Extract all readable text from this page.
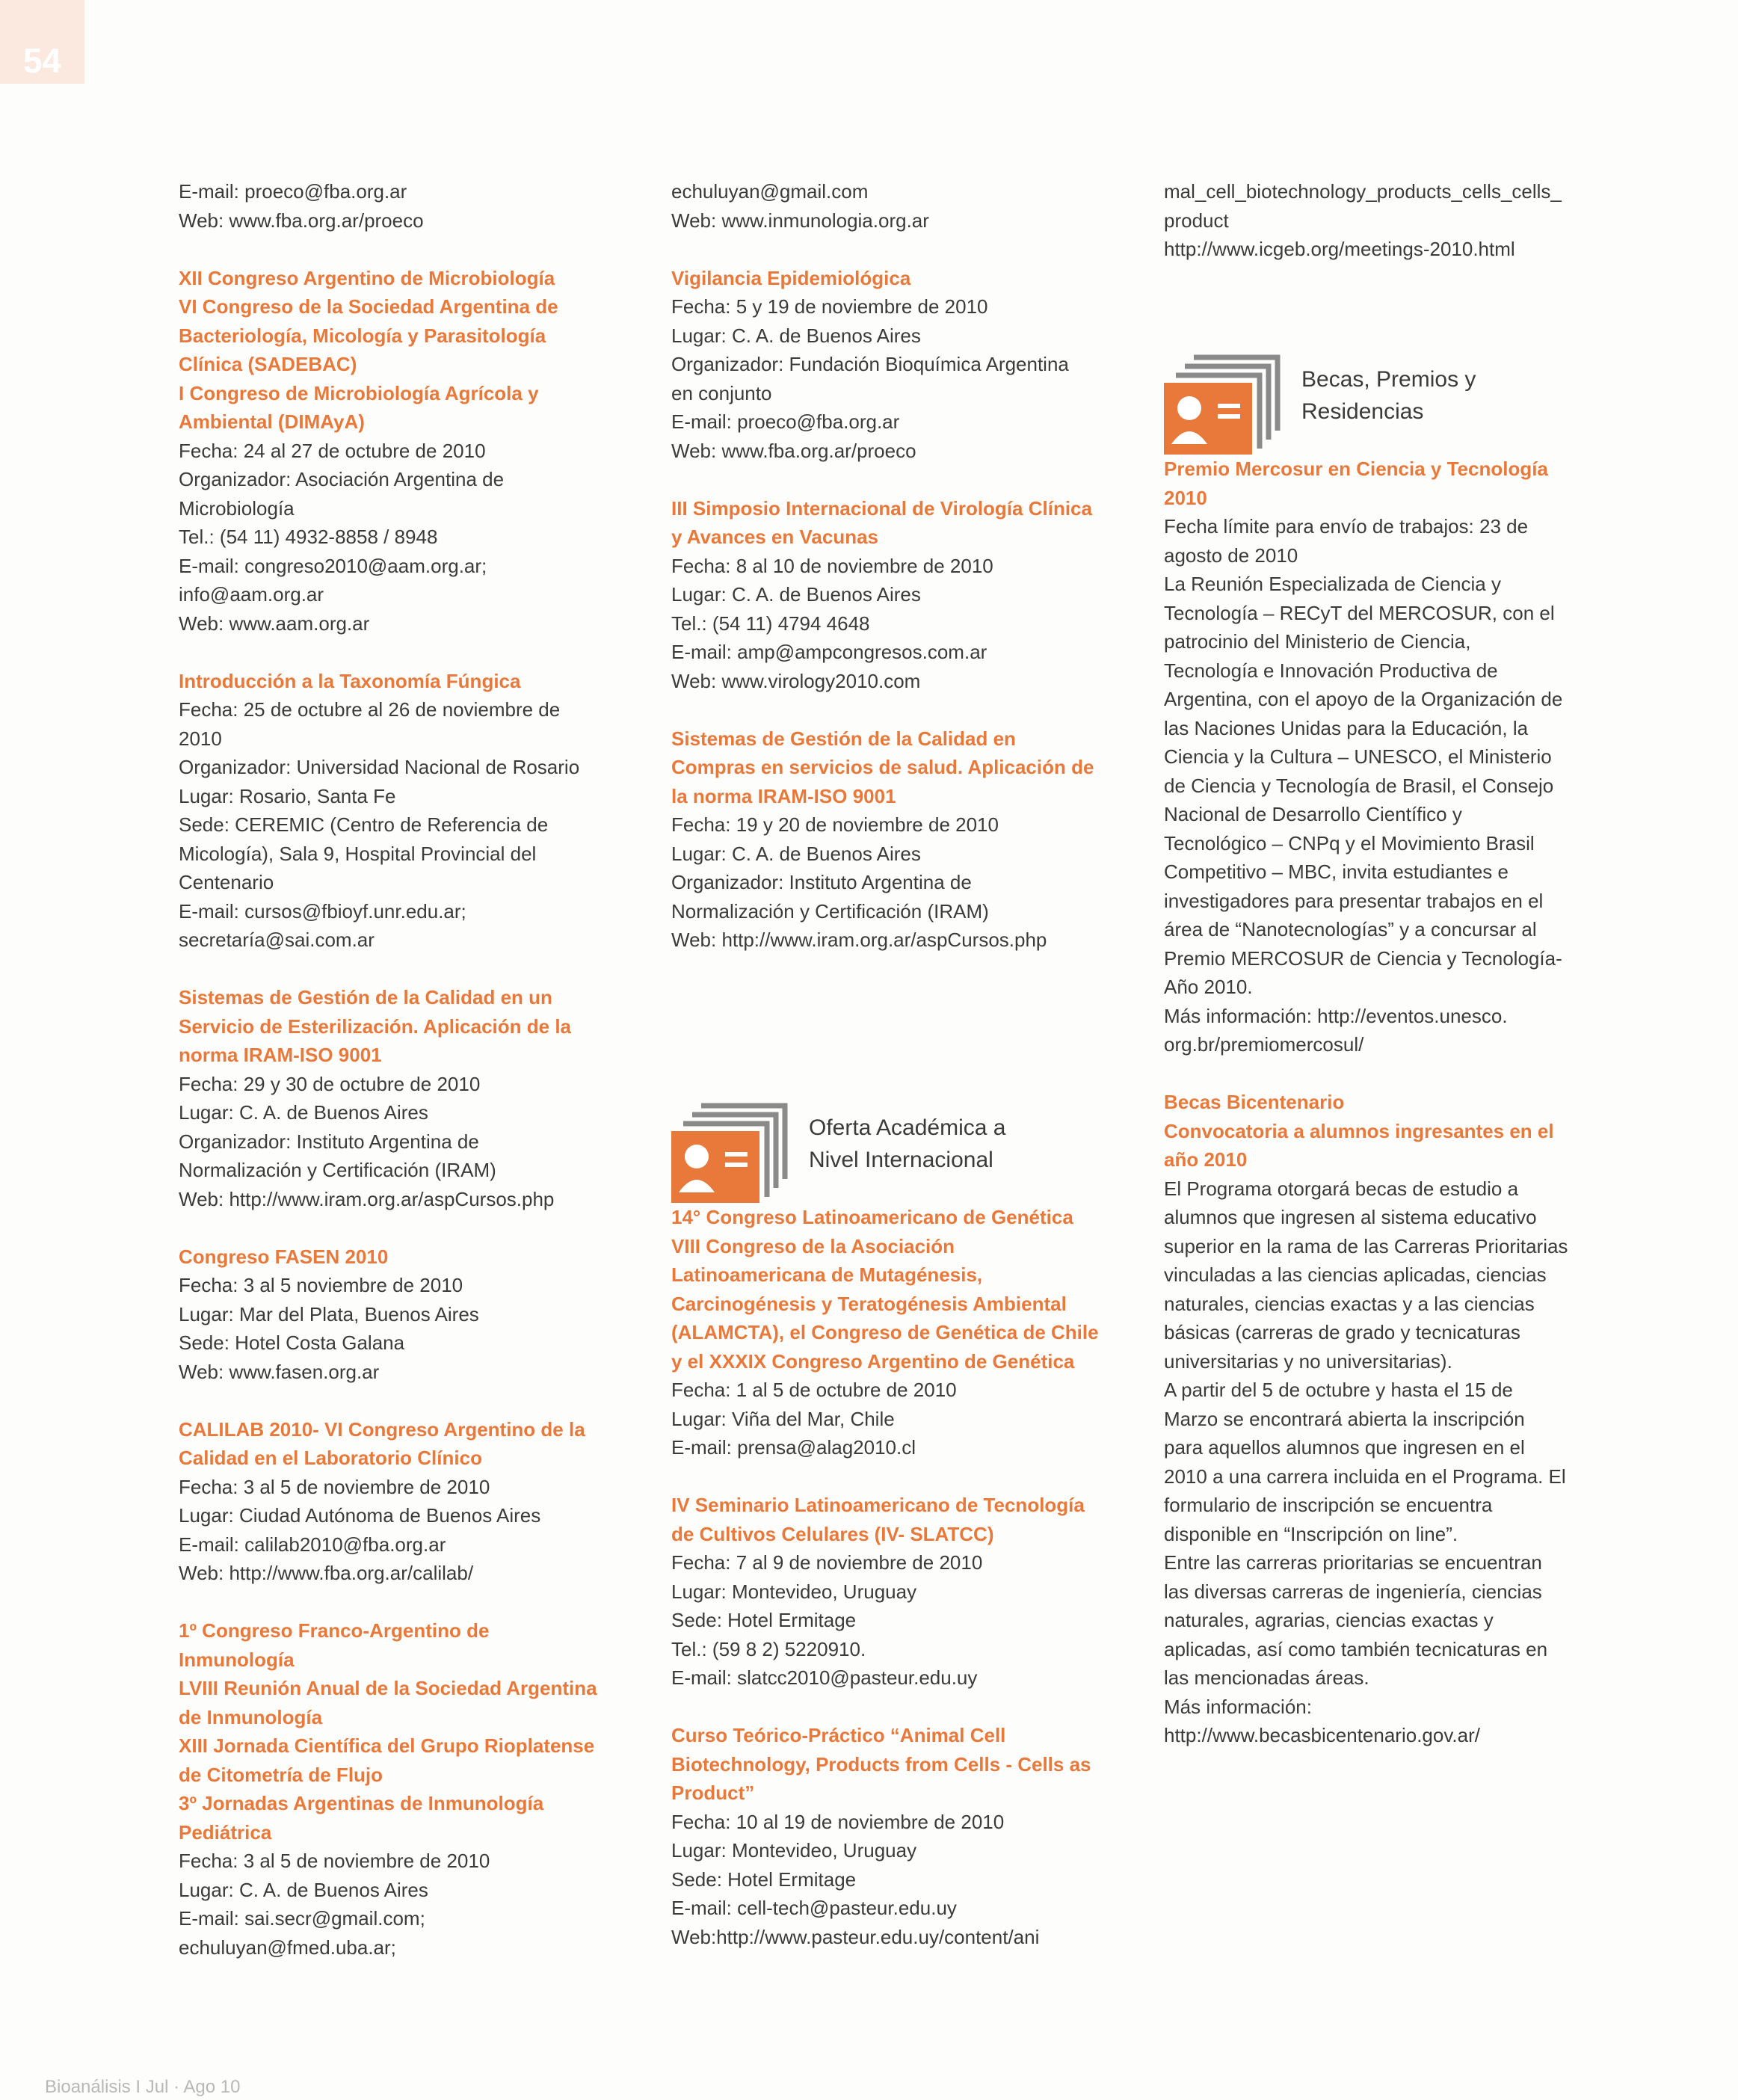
54
E-mail: proeco@fba.org.ar
Web: www.fba.org.ar/proeco
XII Congreso Argentino de Microbiología
VI Congreso de la Sociedad Argentina de
Bacteriología, Micología y Parasitología
Clínica (SADEBAC)
I Congreso de Microbiología Agrícola y
Ambiental (DIMAyA)
Fecha: 24 al 27 de octubre de 2010
Organizador: Asociación Argentina de
Microbiología
Tel.: (54 11) 4932-8858 / 8948
E-mail: congreso2010@aam.org.ar;
info@aam.org.ar
Web: www.aam.org.ar
Introducción a la Taxonomía Fúngica
Fecha: 25 de octubre al 26 de noviembre de
2010
Organizador: Universidad Nacional de Rosario
Lugar: Rosario, Santa Fe
Sede: CEREMIC (Centro de Referencia de
Micología), Sala 9, Hospital Provincial del
Centenario
E-mail: cursos@fbioyf.unr.edu.ar;
secretaría@sai.com.ar
Sistemas de Gestión de la Calidad en un
Servicio de Esterilización. Aplicación de la
norma IRAM-ISO 9001
Fecha: 29 y 30 de octubre de 2010
Lugar: C. A. de Buenos Aires
Organizador: Instituto Argentina de
Normalización y Certificación (IRAM)
Web: http://www.iram.org.ar/aspCursos.php
Congreso FASEN 2010
Fecha: 3 al 5 noviembre de 2010
Lugar: Mar del Plata, Buenos Aires
Sede: Hotel Costa Galana
Web: www.fasen.org.ar
CALILAB 2010- VI Congreso Argentino de la
Calidad en el Laboratorio Clínico
Fecha: 3 al 5 de noviembre de 2010
Lugar: Ciudad Autónoma de Buenos Aires
E-mail: calilab2010@fba.org.ar
Web: http://www.fba.org.ar/calilab/
1º Congreso Franco-Argentino de
Inmunología
LVIII Reunión Anual de la Sociedad Argentina
de Inmunología
XIII Jornada Científica del Grupo Rioplatense
de Citometría de Flujo
3º Jornadas Argentinas de Inmunología
Pediátrica
Fecha: 3 al 5 de noviembre de 2010
Lugar: C. A. de Buenos Aires
E-mail: sai.secr@gmail.com;
echuluyan@fmed.uba.ar;
echuluyan@gmail.com
Web: www.inmunologia.org.ar
Vigilancia Epidemiológica
Fecha: 5 y 19 de noviembre de 2010
Lugar: C. A. de Buenos Aires
Organizador: Fundación Bioquímica Argentina
en conjunto
E-mail: proeco@fba.org.ar
Web: www.fba.org.ar/proeco
III Simposio Internacional de Virología Clínica
y Avances en Vacunas
Fecha: 8 al 10 de noviembre de 2010
Lugar: C. A. de Buenos Aires
Tel.: (54 11) 4794 4648
E-mail: amp@ampcongresos.com.ar
Web: www.virology2010.com
Sistemas de Gestión de la Calidad en
Compras en servicios de salud. Aplicación de
la norma IRAM-ISO 9001
Fecha: 19 y 20 de noviembre de 2010
Lugar: C. A. de Buenos Aires
Organizador: Instituto Argentina de
Normalización y Certificación (IRAM)
Web: http://www.iram.org.ar/aspCursos.php
Oferta Académica a
Nivel Internacional
14° Congreso Latinoamericano de Genética
VIII Congreso de la Asociación
Latinoamericana de Mutagénesis,
Carcinogénesis y Teratogénesis Ambiental
(ALAMCTA), el Congreso de Genética de Chile
y el XXXIX Congreso Argentino de Genética
Fecha: 1 al 5 de octubre de 2010
Lugar: Viña del Mar, Chile
E-mail: prensa@alag2010.cl
IV Seminario Latinoamericano de Tecnología
de Cultivos Celulares (IV- SLATCC)
Fecha: 7 al 9 de noviembre de 2010
Lugar: Montevideo, Uruguay
Sede: Hotel Ermitage
Tel.: (59 8 2) 5220910.
E-mail: slatcc2010@pasteur.edu.uy
Curso Teórico-Práctico “Animal Cell
Biotechnology, Products from Cells - Cells as
Product”
Fecha: 10 al 19 de noviembre de 2010
Lugar: Montevideo, Uruguay
Sede: Hotel Ermitage
E-mail: cell-tech@pasteur.edu.uy
Web:http://www.pasteur.edu.uy/content/ani
mal_cell_biotechnology_products_cells_cells_
product
http://www.icgeb.org/meetings-2010.html
Becas, Premios y
Residencias
Premio Mercosur en Ciencia y Tecnología
2010
Fecha límite para envío de trabajos: 23 de
agosto de 2010
La Reunión Especializada de Ciencia y
Tecnología – RECyT del MERCOSUR, con el
patrocinio del Ministerio de Ciencia,
Tecnología e Innovación Productiva de
Argentina, con el apoyo de la Organización de
las Naciones Unidas para la Educación, la
Ciencia y la Cultura – UNESCO, el Ministerio
de Ciencia y Tecnología de Brasil, el Consejo
Nacional de Desarrollo Científico y
Tecnológico – CNPq y el Movimiento Brasil
Competitivo – MBC, invita estudiantes e
investigadores para presentar trabajos en el
área de “Nanotecnologías” y a concursar al
Premio MERCOSUR de Ciencia y Tecnología-
Año 2010.
Más información: http://eventos.unesco.
org.br/premiomercosul/
Becas Bicentenario
Convocatoria a alumnos ingresantes en el
año 2010
El Programa otorgará becas de estudio a
alumnos que ingresen al sistema educativo
superior en la rama de las Carreras Prioritarias
vinculadas a las ciencias aplicadas, ciencias
naturales, ciencias exactas y a las ciencias
básicas (carreras de grado y tecnicaturas
universitarias y no universitarias).
A partir del 5 de octubre y hasta el 15 de
Marzo se encontrará abierta la inscripción
para aquellos alumnos que ingresen en el
2010 a una carrera incluida en el Programa. El
formulario de inscripción se encuentra
disponible en “Inscripción on line”.
Entre las carreras prioritarias se encuentran
las diversas carreras de ingeniería, ciencias
naturales, agrarias, ciencias exactas y
aplicadas, así como también tecnicaturas en
las mencionadas áreas.
Más información:
http://www.becasbicentenario.gov.ar/
Bioanálisis I Jul · Ago 10
